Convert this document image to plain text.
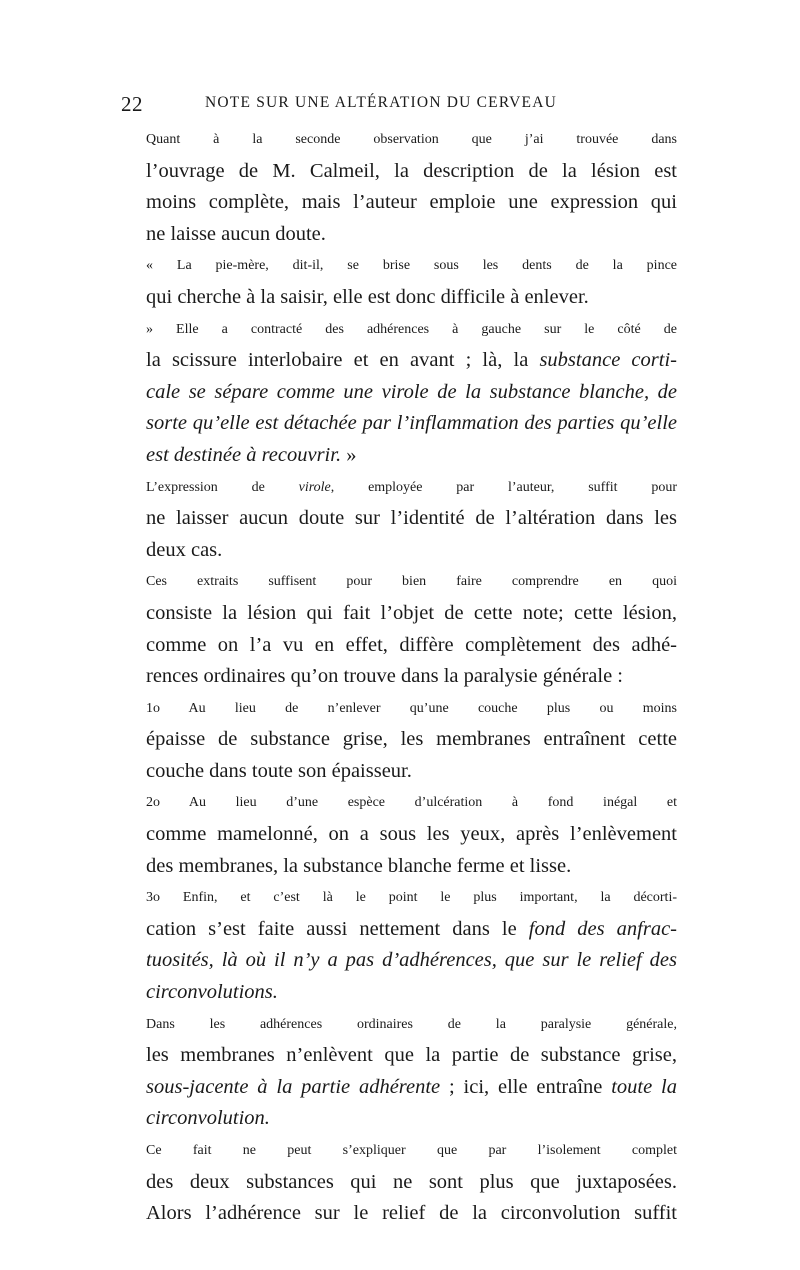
22	NOTE SUR UNE ALTÉRATION DU CERVEAU

Quant à la seconde observation que j’ai trouvée dans
l’ouvrage de M. Calmeil, la description de la lésion est
moins complète, mais l’auteur emploie une expression qui
ne laisse aucun doute.

« La pie-mère, dit-il, se brise sous les dents de la pince
qui cherche à la saisir, elle est donc difficile à enlever.

» Elle a contracté des adhérences à gauche sur le côté de
la scissure interlobaire et en avant ; là, la substance corti-
cale se sépare comme une virole de la substance blanche, de
sorte qu’elle est détachée par l’inflammation des parties qu’elle
est destinée à recouvrir. »

L’expression de virole, employée par l’auteur, suffit pour
ne laisser aucun doute sur l’identité de l’altération dans les
deux cas.

Ces extraits suffisent pour bien faire comprendre en quoi
consiste la lésion qui fait l’objet de cette note; cette lésion,
comme on l’a vu en effet, diffère complètement des adhé-
rences ordinaires qu’on trouve dans la paralysie générale :

1o Au lieu de n’enlever qu’une couche plus ou moins
épaisse de substance grise, les membranes entraînent cette
couche dans toute son épaisseur.

2o Au lieu d’une espèce d’ulcération à fond inégal et
comme mamelonné, on a sous les yeux, après l’enlèvement
des membranes, la substance blanche ferme et lisse.

3o Enfin, et c’est là le point le plus important, la décorti-
cation s’est faite aussi nettement dans le fond des anfrac-
tuosités, là où il n’y a pas d’adhérences, que sur le relief des
circonvolutions.

Dans les adhérences ordinaires de la paralysie générale,
les membranes n’enlèvent que la partie de substance grise,
sous-jacente à la partie adhérente ; ici, elle entraîne toute la
circonvolution.

Ce fait ne peut s’expliquer que par l’isolement complet
des deux substances qui ne sont plus que juxtaposées.
Alors l’adhérence sur le relief de la circonvolution suffit
